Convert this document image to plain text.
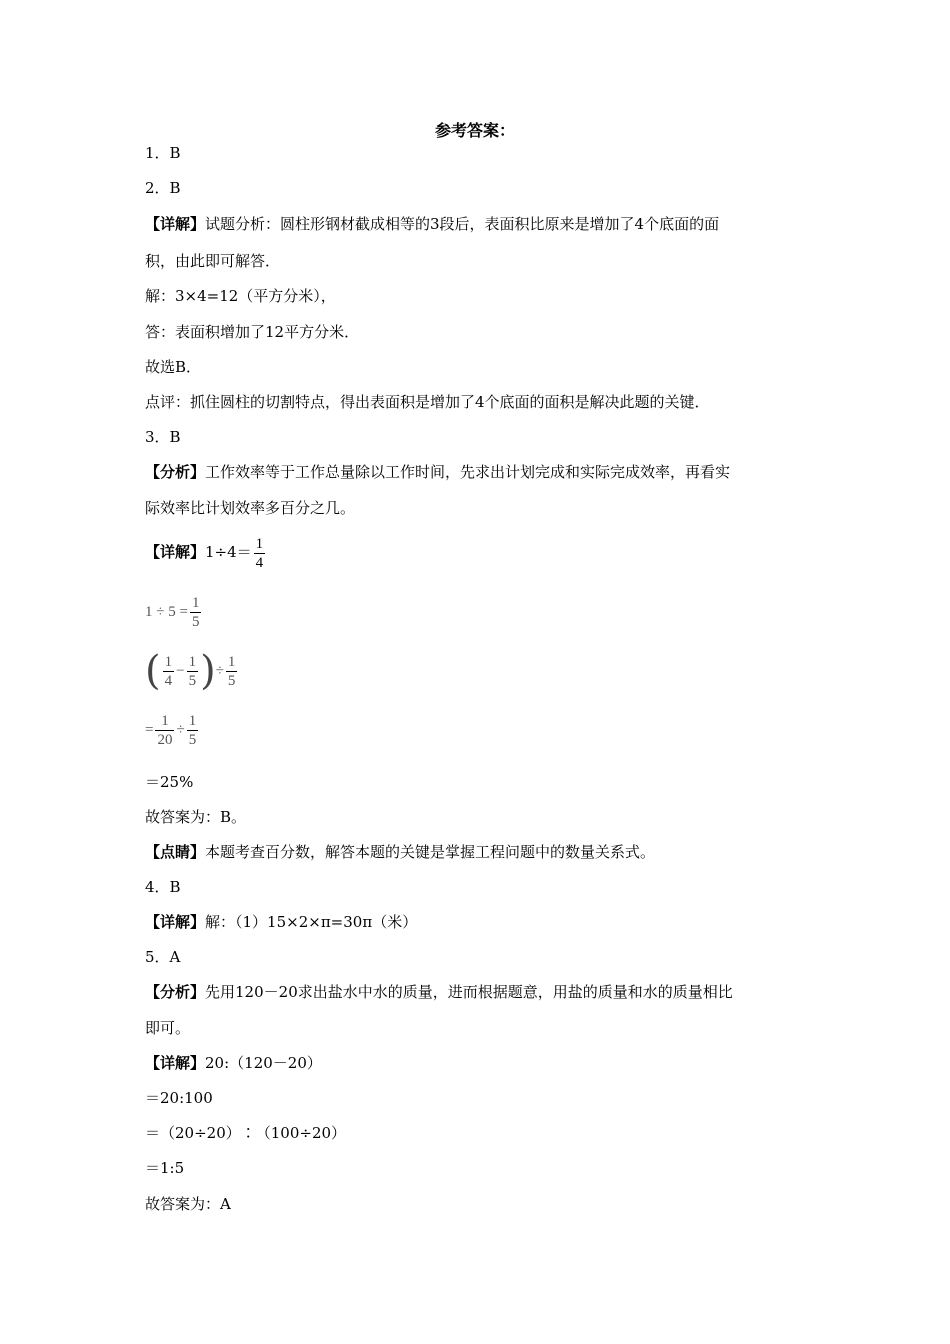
参考答案：
1．B
2．B
【详解】试题分析：圆柱形钢材截成相等的3段后，表面积比原来是增加了4个底面的面
积，由此即可解答．
解：3×4=12（平方分米），
答：表面积增加了12平方分米．
故选B．
点评：抓住圆柱的切割特点，得出表面积是增加了4个底面的面积是解决此题的关键．
3．B
【分析】工作效率等于工作总量除以工作时间，先求出计划完成和实际完成效率，再看实
际效率比计划效率多百分之几。
【详解】$1\div 4= \frac{1}{4}$
$1 \div 5 = \frac{1}{5}$
( $\frac{1}{4} - \frac{1}{5}$ )÷ $\frac{1}{5}$
= $\frac{1}{20} \div \frac{1}{5}$
＝25%
故答案为：B。
【点睛】本题考查百分数，解答本题的关键是掌握工程问题中的数量关系式。
4．B
【详解】解：（1）15×2×π=30π（米）
5．A
【分析】先用120－20求出盐水中水的质量，进而根据题意，用盐的质量和水的质量相比
即可。
【详解】20:（120－20）
＝20:100
＝（20÷20）∶（100÷20）
＝1:5
故答案为：A
